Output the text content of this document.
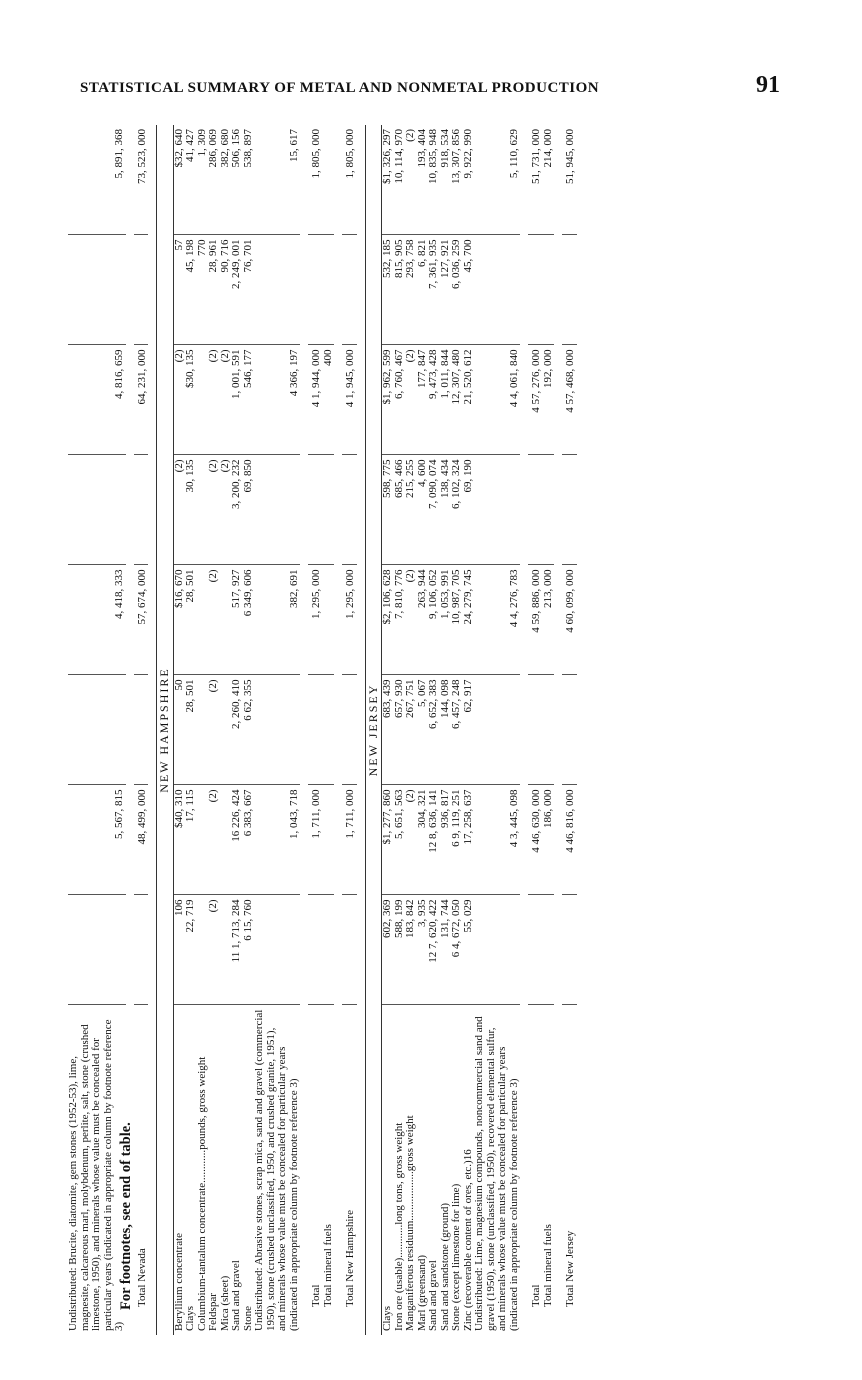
STATISTICAL SUMMARY OF METAL AND NONMETAL PRODUCTION	91
Undistributed: Brucite, diatomite, gem stones (1952-53), lime, magnesite, calcareous marl, molybdenum, perlite, salt, stone (crushed limestone, 1950), and minerals whose value must be concealed for particular years (indicated in appropriate column by footnote reference 3)		5, 567, 815		4, 418, 333		4, 816, 659		5, 891, 368

Total Nevada		48, 499, 000		57, 674, 000		64, 231, 000		73, 523, 000

NEW HAMPSHIRE								
Beryllium concentrate	106	$40, 310	50	$16, 670	(2)	(2)	57	$32, 640
Clays	22, 719	17, 115	28, 501	28, 501	30, 135	$30, 135	45, 198	41, 427
Columbium-tantalum concentrate............pounds, gross weight							770	1, 309
Feldspar	(2)	(2)	(2)	(2)	(2)	(2)	28, 961	286, 069
Mica (sheet)					(2)	(2)	90, 716	382, 680
Sand and gravel	11 1, 713, 284	16 226, 424	2, 260, 410	517, 927	3, 200, 232	1, 001, 591	2, 249, 001	506, 156
Stone	6 15, 760	6 383, 667	6 62, 355	6 349, 606	69, 850	546, 177	76, 701	538, 897
Undistributed: Abrasive stones, scrap mica, sand and gravel (commercial 1950), stone (crushed unclassified, 1950, and crushed granite, 1951), and minerals whose value must be concealed for particular years (indicated in appropriate column by footnote reference 3)		1, 043, 718		382, 691		4 366, 197		15, 617

Total		1, 711, 000		1, 295, 000		4 1, 944, 000		1, 805, 000
Total mineral fuels						400		

Total New Hampshire		1, 711, 000		1, 295, 000		4 1, 945, 000		1, 805, 000

NEW JERSEY								
Clays	602, 369	$1, 277, 860	683, 439	$2, 106, 628	598, 775	$1, 962, 599	532, 185	$1, 326, 297
Iron ore (usable)............long tons, gross weight	588, 199	5, 651, 563	657, 930	7, 810, 776	685, 466	6, 760, 467	815, 905	10, 114, 970
Manganiferous residuum..................gross weight	183, 842	(2)	267, 751	(2)	215, 255	(2)	293, 758	(2)
Marl (greensand)	3, 935	304, 321	5, 067	263, 944	4, 600	177, 847	6, 821	193, 404
Sand and gravel	12 7, 620, 422	12 8, 636, 141	6, 652, 383	9, 106, 052	7, 090, 074	9, 473, 428	7, 361, 935	10, 835, 948
Sand and sandstone (ground)	131, 744	936, 817	144, 098	1, 053, 991	138, 434	1, 011, 844	127, 921	918, 534
Stone (except limestone for lime)	6 4, 672, 050	6 9, 119, 251	6, 457, 248	10, 987, 705	6, 102, 324	12, 307, 480	6, 036, 259	13, 307, 856
Zinc (recoverable content of ores, etc.)16	55, 029	17, 258, 637	62, 917	24, 279, 745	69, 190	21, 520, 612	45, 700	9, 922, 990
Undistributed: Lime, magnesium compounds, noncommercial sand and gravel (1950), stone (unclassified, 1950), recovered elemental sulfur, and minerals whose value must be concealed for particular years (indicated in appropriate column by footnote reference 3)		4 3, 445, 098		4 4, 276, 783		4 4, 061, 840		5, 110, 629

Total		4 46, 630, 000		4 59, 886, 000		4 57, 276, 000		51, 731, 000
Total mineral fuels		186, 000		213, 000		192, 000		214, 000

Total New Jersey		4 46, 816, 000		4 60, 099, 000		4 57, 468, 000		51, 945, 000
For footnotes, see end of table.
